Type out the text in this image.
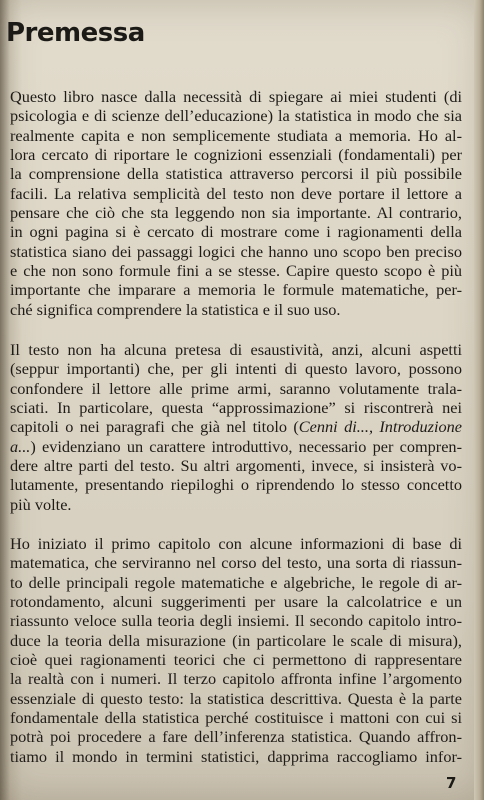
Premessa
Questo libro nasce dalla necessità di spiegare ai miei studenti (di
psicologia e di scienze dell’educazione) la statistica in modo che sia
realmente capita e non semplicemente studiata a memoria. Ho al-
lora cercato di riportare le cognizioni essenziali (fondamentali) per
la comprensione della statistica attraverso percorsi il più possibile
facili. La relativa semplicità del testo non deve portare il lettore a
pensare che ciò che sta leggendo non sia importante. Al contrario,
in ogni pagina si è cercato di mostrare come i ragionamenti della
statistica siano dei passaggi logici che hanno uno scopo ben preciso
e che non sono formule fini a se stesse. Capire questo scopo è più
importante che imparare a memoria le formule matematiche, per-
ché significa comprendere la statistica e il suo uso.
Il testo non ha alcuna pretesa di esaustività, anzi, alcuni aspetti
(seppur importanti) che, per gli intenti di questo lavoro, possono
confondere il lettore alle prime armi, saranno volutamente trala-
sciati. In particolare, questa “approssimazione” si riscontrerà nei
capitoli o nei paragrafi che già nel titolo (Cenni di..., Introduzione
a...) evidenziano un carattere introduttivo, necessario per compren-
dere altre parti del testo. Su altri argomenti, invece, si insisterà vo-
lutamente, presentando riepiloghi o riprendendo lo stesso concetto
più volte.
Ho iniziato il primo capitolo con alcune informazioni di base di
matematica, che serviranno nel corso del testo, una sorta di riassun-
to delle principali regole matematiche e algebriche, le regole di ar-
rotondamento, alcuni suggerimenti per usare la calcolatrice e un
riassunto veloce sulla teoria degli insiemi. Il secondo capitolo intro-
duce la teoria della misurazione (in particolare le scale di misura),
cioè quei ragionamenti teorici che ci permettono di rappresentare
la realtà con i numeri. Il terzo capitolo affronta infine l’argomento
essenziale di questo testo: la statistica descrittiva. Questa è la parte
fondamentale della statistica perché costituisce i mattoni con cui si
potrà poi procedere a fare dell’inferenza statistica. Quando affron-
tiamo il mondo in termini statistici, dapprima raccogliamo infor-
7
